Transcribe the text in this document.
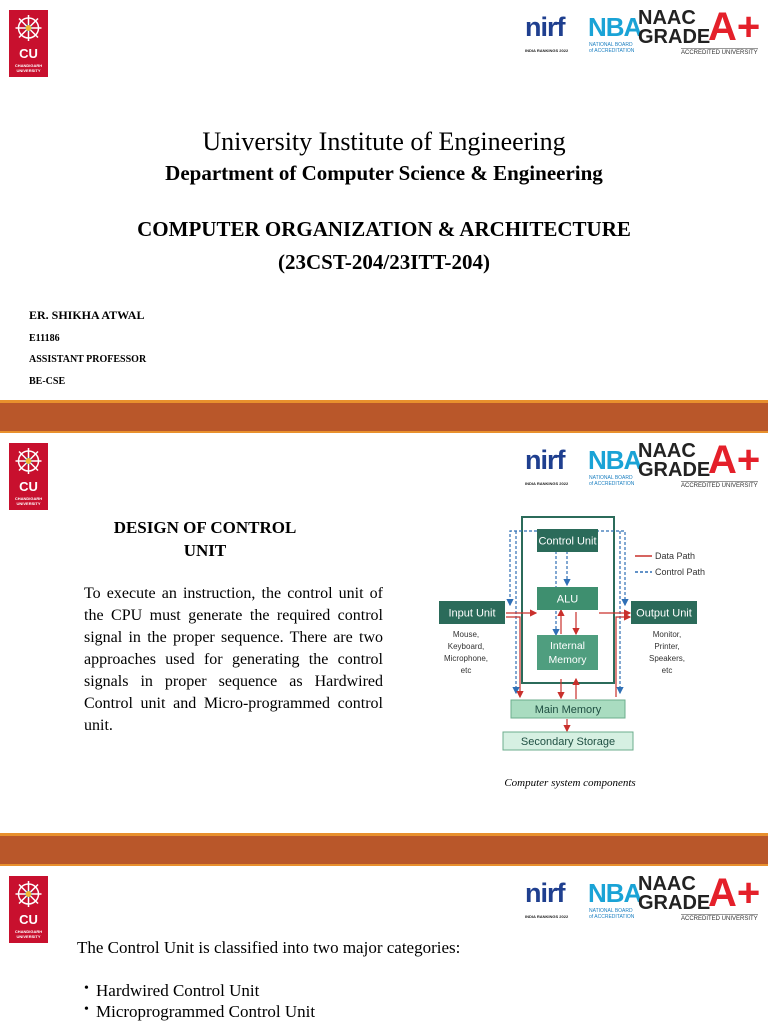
CU
CHANDIGARH UNIVERSITY
nirf
INDIA RANKINGS 2022
NBA
NATIONAL BOARD
of ACCREDITATION
NAAC
GRADE
A+
ACCREDITED UNIVERSITY
University Institute of Engineering
Department of Computer Science & Engineering
COMPUTER ORGANIZATION & ARCHITECTURE
(23CST-204/23ITT-204)
ER. SHIKHA ATWAL
E11186
ASSISTANT PROFESSOR
BE-CSE
CU
CHANDIGARH UNIVERSITY
nirf
INDIA RANKINGS 2022
NBA
NATIONAL BOARD
of ACCREDITATION
NAAC
GRADE
A+
ACCREDITED UNIVERSITY
DESIGN OF CONTROL
UNIT
To execute an instruction, the control unit of the CPU must generate the required control signal in the proper sequence. There are two approaches used for generating the control signals in proper sequence as Hardwired Control unit and Micro-programmed control unit.
Control Unit
ALU
Internal
Memory
Input Unit	Output Unit
Main Memory
Secondary Storage
Mouse,
Keyboard,
Microphone,
etc
Monitor,
Printer,
Speakers,
etc
Data Path
Control Path
Computer system components
CU
CHANDIGARH UNIVERSITY
nirf
INDIA RANKINGS 2022
NBA
NATIONAL BOARD
of ACCREDITATION
NAAC
GRADE
A+
ACCREDITED UNIVERSITY
The Control Unit is classified into two major categories:
• Hardwired Control Unit
• Microprogrammed Control Unit
